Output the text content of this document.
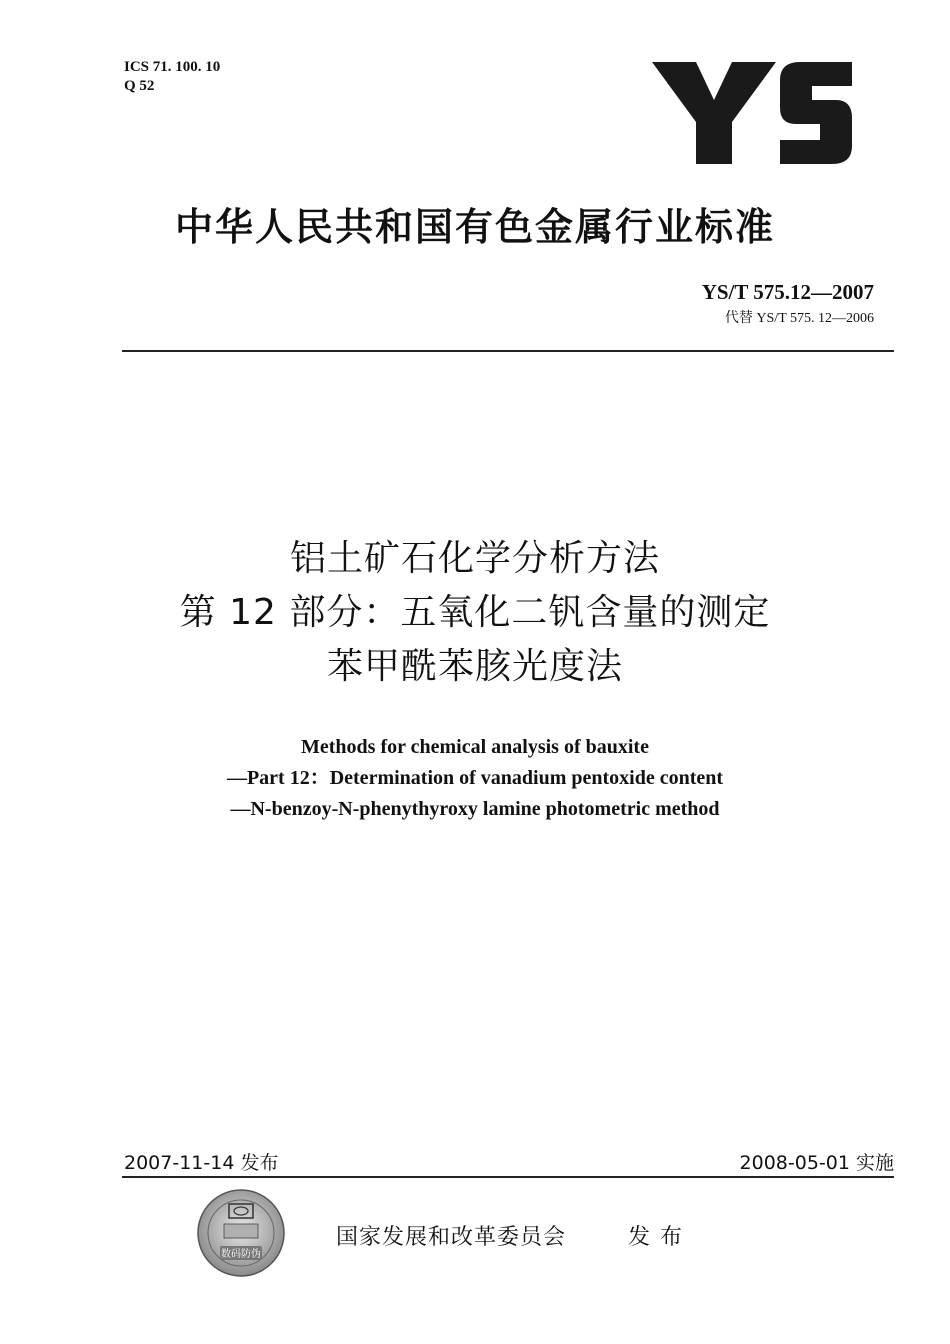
ICS 71. 100. 10
Q 52
中华人民共和国有色金属行业标准
YS/T 575.12—2007
代替 YS/T 575. 12—2006
铝土矿石化学分析方法
第 12 部分：五氧化二钒含量的测定
苯甲酰苯胲光度法
Methods for chemical analysis of bauxite
—Part 12：Determination of vanadium pentoxide content
—N-benzoy-N-phenythyroxy lamine photometric method
2007-11-14 发布	2008-05-01 实施
数码防伪
国家发展和改革委员会	发布
